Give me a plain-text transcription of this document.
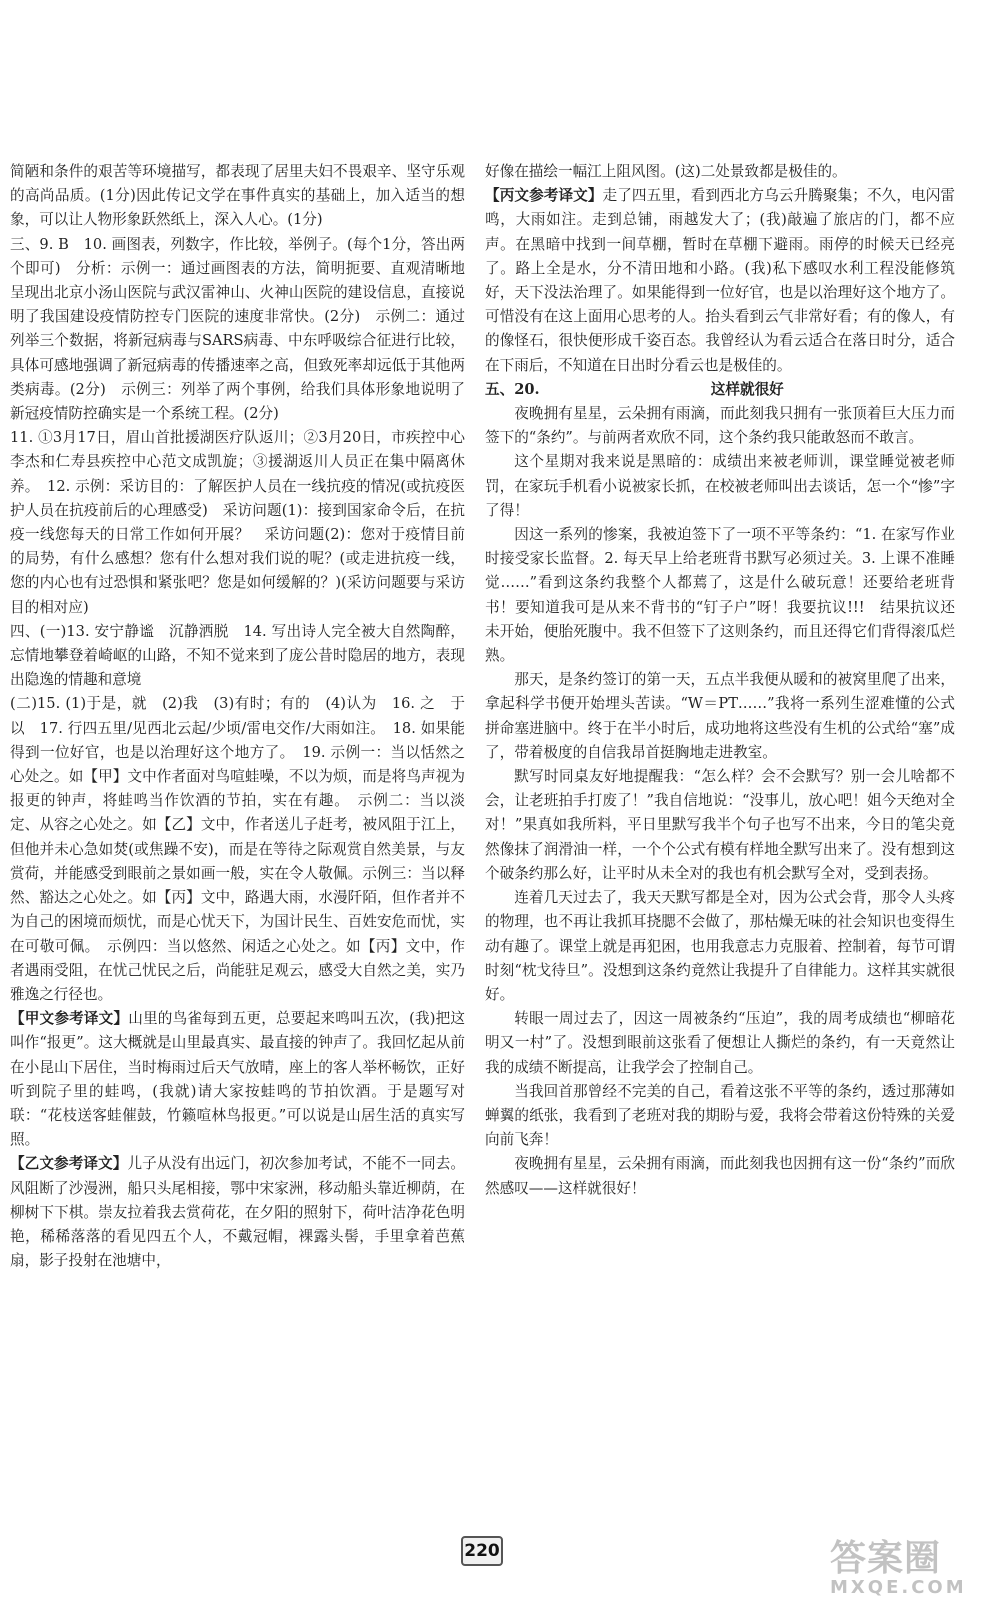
简陋和条件的艰苦等环境描写，都表现了居里夫妇不畏艰辛、坚守乐观的高尚品质。(1分)因此传记文学在事件真实的基础上，加入适当的想象，可以让人物形象跃然纸上，深入人心。(1分)

三、9. B　10. 画图表，列数字，作比较，举例子。(每个1分，答出两个即可)　分析：示例一：通过画图表的方法，简明扼要、直观清晰地呈现出北京小汤山医院与武汉雷神山、火神山医院的建设信息，直接说明了我国建设疫情防控专门医院的速度非常快。(2分)　示例二：通过列举三个数据，将新冠病毒与SARS病毒、中东呼吸综合征进行比较，具体可感地强调了新冠病毒的传播速率之高，但致死率却远低于其他两类病毒。(2分)　示例三：列举了两个事例，给我们具体形象地说明了新冠疫情防控确实是一个系统工程。(2分)

11. ①3月17日，眉山首批援湖医疗队返川；②3月20日，市疾控中心李杰和仁寿县疾控中心范文成凯旋；③援湖返川人员正在集中隔离休养。　12. 示例：采访目的：了解医护人员在一线抗疫的情况(或抗疫医护人员在抗疫前后的心理感受)　采访问题(1)：接到国家命令后，在抗疫一线您每天的日常工作如何开展？　采访问题(2)：您对于疫情目前的局势，有什么感想？您有什么想对我们说的呢？(或走进抗疫一线，您的内心也有过恐惧和紧张吧？您是如何缓解的？)(采访问题要与采访目的相对应)

四、(一)13. 安宁静谧　沉静洒脱　14. 写出诗人完全被大自然陶醉，忘情地攀登着崎岖的山路，不知不觉来到了庞公昔时隐居的地方，表现出隐逸的情趣和意境

(二)15. (1)于是，就　(2)我　(3)有时；有的　(4)认为　16. 之　于　以　17. 行四五里/见西北云起/少顷/雷电交作/大雨如注。　18. 如果能得到一位好官，也是以治理好这个地方了。　19. 示例一：当以恬然之心处之。如【甲】文中作者面对鸟喧蛙噪，不以为烦，而是将鸟声视为报更的钟声，将蛙鸣当作饮酒的节拍，实在有趣。　示例二：当以淡定、从容之心处之。如【乙】文中，作者送儿子赶考，被风阻于江上，但他并未心急如焚(或焦躁不安)，而是在等待之际观赏自然美景，与友赏荷，并能感受到眼前之景如画一般，实在令人敬佩。示例三：当以释然、豁达之心处之。如【丙】文中，路遇大雨，水漫阡陌，但作者并不为自己的困境而烦忧，而是心忧天下，为国计民生、百姓安危而忧，实在可敬可佩。　示例四：当以悠然、闲适之心处之。如【丙】文中，作者遇雨受阻，在忧己忧民之后，尚能驻足观云，感受大自然之美，实乃雅逸之行径也。

【甲文参考译文】山里的鸟雀每到五更，总要起来鸣叫五次，(我)把这叫作“报更”。这大概就是山里最真实、最直接的钟声了。我回忆起从前在小昆山下居住，当时梅雨过后天气放晴，座上的客人举杯畅饮，正好听到院子里的蛙鸣，(我就)请大家按蛙鸣的节拍饮酒。于是题写对联：“花枝送客蛙催鼓，竹籁喧林鸟报更。”可以说是山居生活的真实写照。

【乙文参考译文】儿子从没有出远门，初次参加考试，不能不一同去。风阻断了沙漫洲，船只头尾相接，鄂中宋家洲，移动船头靠近柳荫，在柳树下下棋。崇友拉着我去赏荷花，在夕阳的照射下，荷叶洁净花色明艳，稀稀落落的看见四五个人，不戴冠帽，裸露头髻，手里拿着芭蕉扇，影子投射在池塘中，

好像在描绘一幅江上阻风图。(这)二处景致都是极佳的。

【丙文参考译文】走了四五里，看到西北方乌云升腾聚集；不久，电闪雷鸣，大雨如注。走到总铺，雨越发大了；(我)敲遍了旅店的门，都不应声。在黑暗中找到一间草棚，暂时在草棚下避雨。雨停的时候天已经亮了。路上全是水，分不清田地和小路。(我)私下感叹水利工程没能修筑好，天下没法治理了。如果能得到一位好官，也是以治理好这个地方了。可惜没有在这上面用心思考的人。抬头看到云气非常好看；有的像人，有的像怪石，很快便形成千姿百态。我曾经认为看云适合在落日时分，适合在下雨后，不知道在日出时分看云也是极佳的。

五、20.	这样就很好

夜晚拥有星星，云朵拥有雨滴，而此刻我只拥有一张顶着巨大压力而签下的“条约”。与前两者欢欣不同，这个条约我只能敢怒而不敢言。

这个星期对我来说是黑暗的：成绩出来被老师训，课堂睡觉被老师罚，在家玩手机看小说被家长抓，在校被老师叫出去谈话，怎一个“惨”字了得！

因这一系列的惨案，我被迫签下了一项不平等条约：“1. 在家写作业时接受家长监督。2. 每天早上给老班背书默写必须过关。3. 上课不准睡觉……”看到这条约我整个人都蔫了，这是什么破玩意！还要给老班背书！要知道我可是从来不背书的“钉子户”呀！我要抗议!!!　结果抗议还未开始，便胎死腹中。我不但签下了这则条约，而且还得它们背得滚瓜烂熟。

那天，是条约签订的第一天，五点半我便从暖和的被窝里爬了出来，拿起科学书便开始埋头苦读。“W＝PT……”我将一系列生涩难懂的公式拼命塞进脑中。终于在半小时后，成功地将这些没有生机的公式给“塞”成了，带着极度的自信我昂首挺胸地走进教室。

默写时同桌友好地提醒我：“怎么样？会不会默写？别一会儿啥都不会，让老班拍手打废了！”我自信地说：“没事儿，放心吧！姐今天绝对全对！”果真如我所料，平日里默写我半个句子也写不出来，今日的笔尖竟然像抹了润滑油一样，一个个公式有模有样地全默写出来了。没有想到这个破条约那么好，让平时从未全对的我也有机会默写全对，受到表扬。

连着几天过去了，我天天默写都是全对，因为公式会背，那令人头疼的物理，也不再让我抓耳挠腮不会做了，那枯燥无味的社会知识也变得生动有趣了。课堂上就是再犯困，也用我意志力克服着、控制着，每节可谓时刻“枕戈待旦”。没想到这条约竟然让我提升了自律能力。这样其实就很好。

转眼一周过去了，因这一周被条约“压迫”，我的周考成绩也“柳暗花明又一村”了。没想到眼前这张看了便想让人撕烂的条约，有一天竟然让我的成绩不断提高，让我学会了控制自己。

当我回首那曾经不完美的自己，看着这张不平等的条约，透过那薄如蝉翼的纸张，我看到了老班对我的期盼与爱，我将会带着这份特殊的关爱向前飞奔！

夜晚拥有星星，云朵拥有雨滴，而此刻我也因拥有这一份“条约”而欣然感叹——这样就很好！

220	答案圈
MXQE.COM
